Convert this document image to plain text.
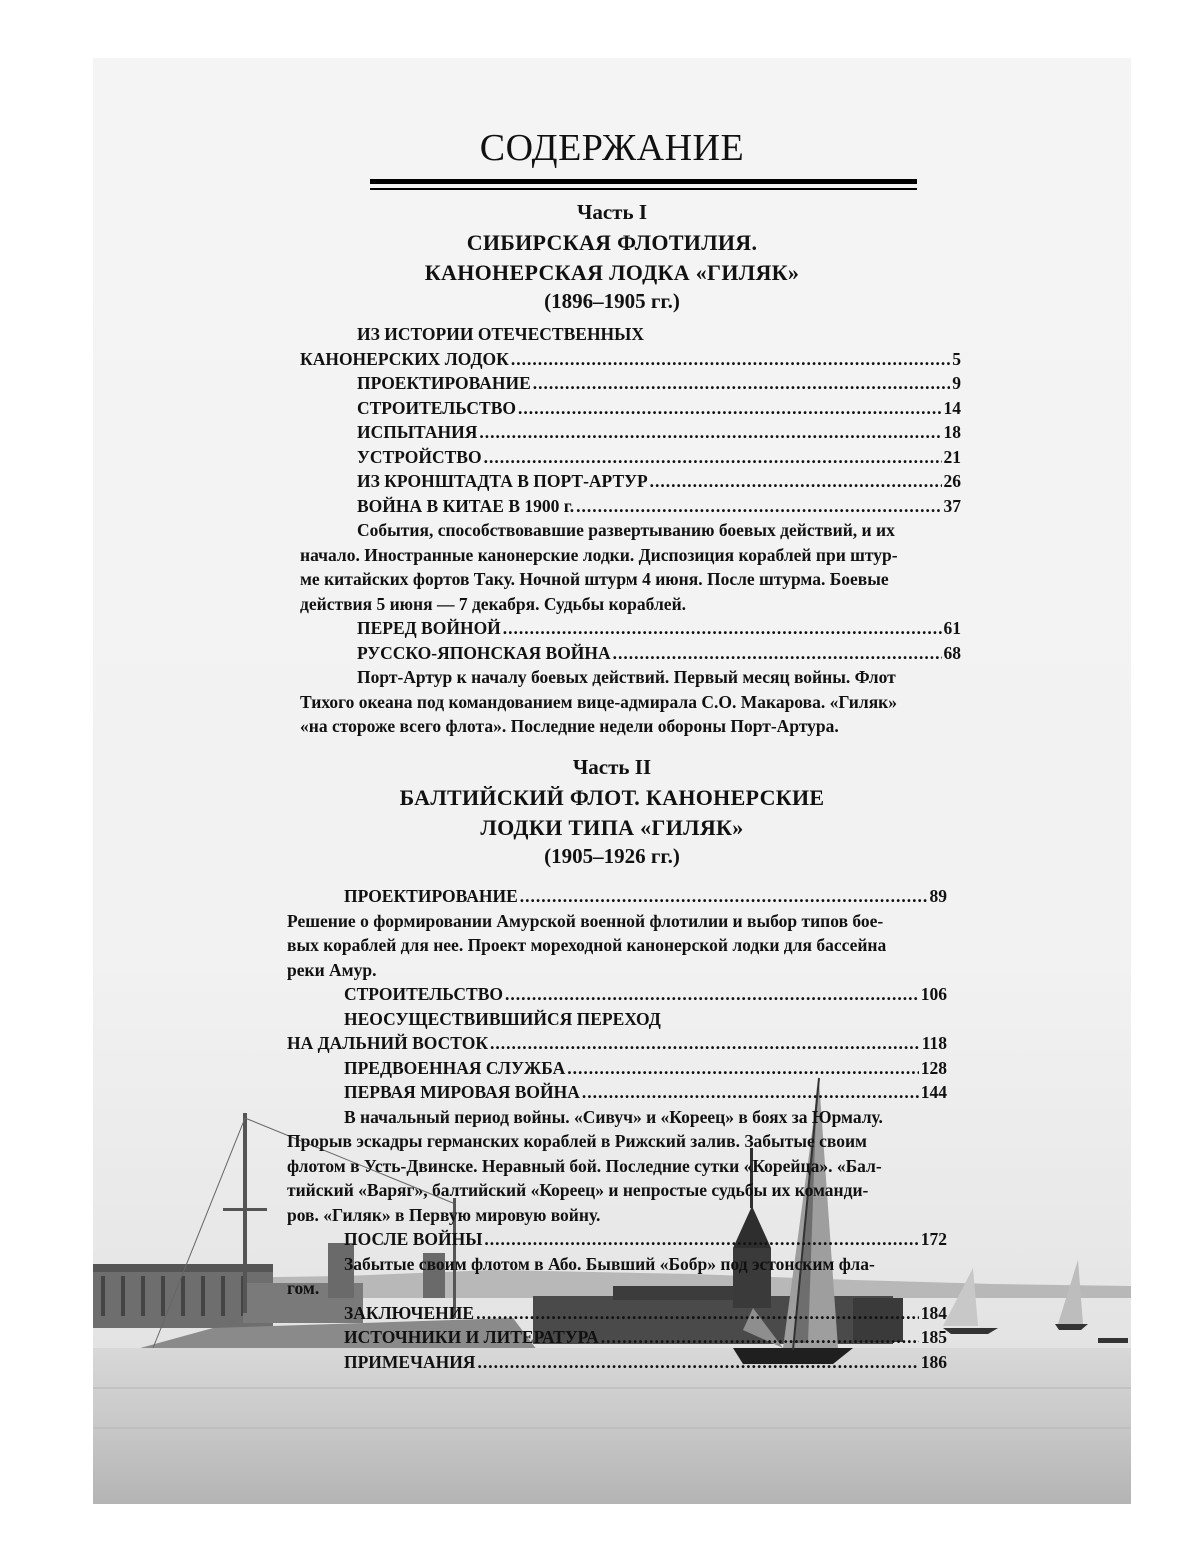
СОДЕРЖАНИЕ
Часть I
СИБИРСКАЯ ФЛОТИЛИЯ.
КАНОНЕРСКАЯ ЛОДКА «ГИЛЯК»
(1896–1905 гг.)
ИЗ ИСТОРИИ ОТЕЧЕСТВЕННЫХ
КАНОНЕРСКИХ ЛОДОК .....	5
ПРОЕКТИРОВАНИЕ .....	9
СТРОИТЕЛЬСТВО .....	14
ИСПЫТАНИЯ .....	18
УСТРОЙСТВО .....	21
ИЗ КРОНШТАДТА В ПОРТ-АРТУР .....	26
ВОЙНА В КИТАЕ В 1900 г. .....	37
События, способствовавшие развертыванию боевых действий, и их
начало. Иностранные канонерские лодки. Диспозиция кораблей при штур-
ме китайских фортов Таку. Ночной штурм 4 июня. После штурма. Боевые
действия 5 июня — 7 декабря. Судьбы кораблей.
ПЕРЕД ВОЙНОЙ .....	61
РУССКО-ЯПОНСКАЯ ВОЙНА .....	68
Порт-Артур к началу боевых действий. Первый месяц войны. Флот
Тихого океана под командованием вице-адмирала С.О. Макарова. «Гиляк»
«на стороже всего флота». Последние недели обороны Порт-Артура.
Часть II
БАЛТИЙСКИЙ ФЛОТ. КАНОНЕРСКИЕ
ЛОДКИ ТИПА «ГИЛЯК»
(1905–1926 гг.)
ПРОЕКТИРОВАНИЕ .....	89
Решение о формировании Амурской военной флотилии и выбор типов бое-
вых кораблей для нее. Проект мореходной канонерской лодки для бассейна
реки Амур.
СТРОИТЕЛЬСТВО .....	106
НЕОСУЩЕСТВИВШИЙСЯ ПЕРЕХОД
НА ДАЛЬНИЙ ВОСТОК .....	118
ПРЕДВОЕННАЯ СЛУЖБА .....	128
ПЕРВАЯ МИРОВАЯ ВОЙНА .....	144
В начальный период войны. «Сивуч» и «Кореец» в боях за Юрмалу.
Прорыв эскадры германских кораблей в Рижский залив. Забытые своим
флотом в Усть-Двинске. Неравный бой. Последние сутки «Корейца». «Бал-
тийский «Варяг», балтийский «Кореец» и непростые судьбы их команди-
ров. «Гиляк» в Первую мировую войну.
ПОСЛЕ ВОЙНЫ .....	172
Забытые своим флотом в Або. Бывший «Бобр» под эстонским фла-
гом.
ЗАКЛЮЧЕНИЕ .....	184
ИСТОЧНИКИ И ЛИТЕРАТУРА .....	185
ПРИМЕЧАНИЯ .....	186
